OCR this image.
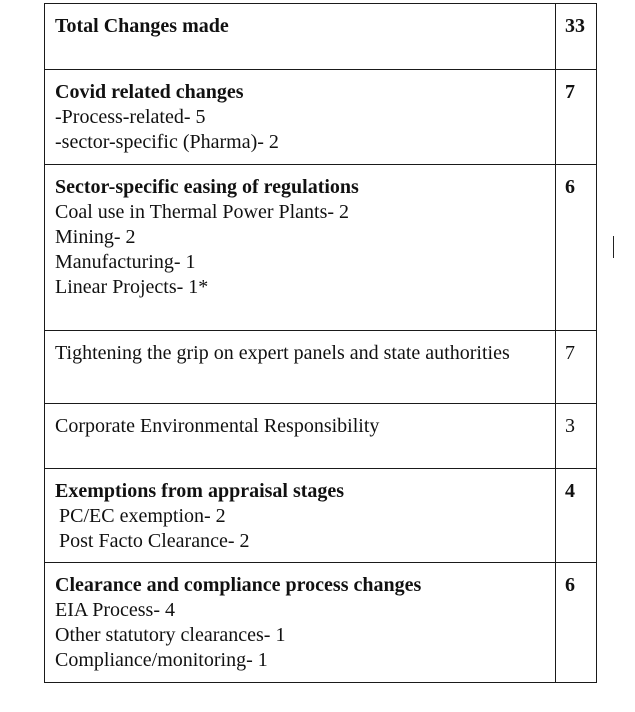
Total Changes made	33

Covid related changes
-Process-related- 5
-sector-specific (Pharma)- 2	7

Sector-specific easing of regulations
Coal use in Thermal Power Plants- 2
Mining- 2
Manufacturing- 1
Linear Projects- 1*	6

Tightening the grip on expert panels and state authorities	7

Corporate Environmental Responsibility	3

Exemptions from appraisal stages
PC/EC exemption- 2
Post Facto Clearance- 2	4

Clearance and compliance process changes
EIA Process- 4
Other statutory clearances- 1
Compliance/monitoring- 1	6
